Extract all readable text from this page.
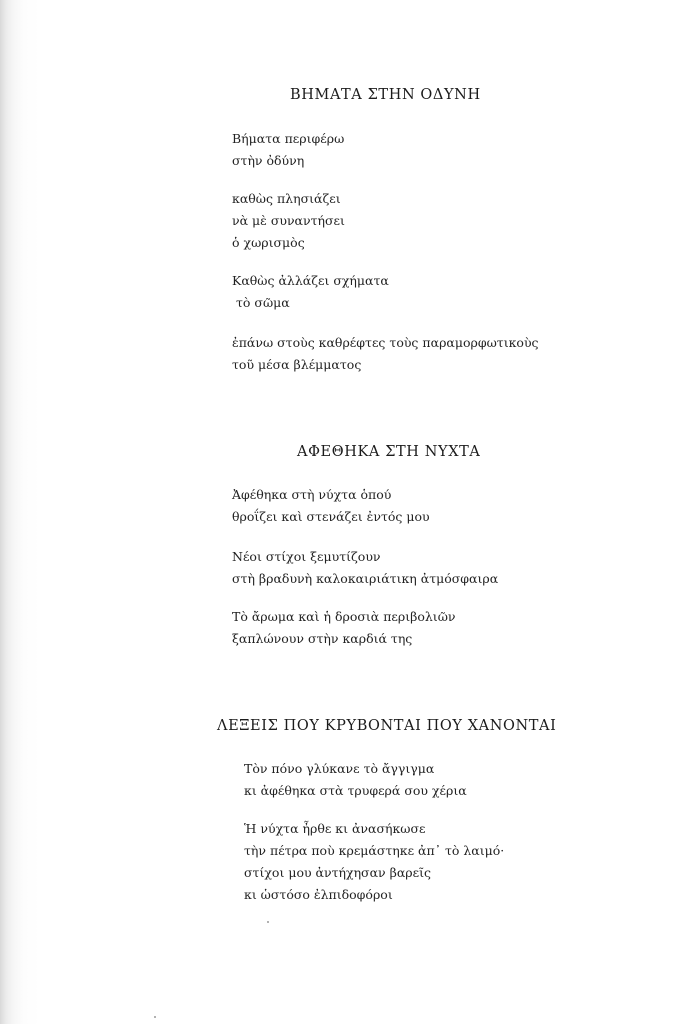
ΒΗΜΑΤΑ ΣΤΗΝ ΟΔΥΝΗ
Βήματα περιφέρω
στὴν ὀδύνη
καθὼς πλησιάζει
νὰ μὲ συναντήσει
ὁ χωρισμὸς
Καθὼς ἀλλάζει σχήματα
τὸ σῶμα
ἐπάνω στοὺς καθρέφτες τοὺς παραμορφωτικοὺς
τοῦ μέσα βλέμματος
ΑΦΕΘΗΚΑ ΣΤΗ ΝΥΧΤΑ
Ἀφέθηκα στὴ νύχτα ὁπού
θροΐζει καὶ στενάζει ἐντός μου
Νέοι στίχοι ξεμυτίζουν
στὴ βραδυνὴ καλοκαιριάτικη ἀτμόσφαιρα
Τὸ ἄρωμα καὶ ἡ δροσιὰ περιβολιῶν
ξαπλώνουν στὴν καρδιά της
ΛΕΞΕΙΣ ΠΟΥ ΚΡΥΒΟΝΤΑΙ ΠΟΥ ΧΑΝΟΝΤΑΙ
Τὸν πόνο γλύκανε τὸ ἄγγιγμα
κι ἀφέθηκα στὰ τρυφερά σου χέρια
Ἡ νύχτα ἦρθε κι ἀνασήκωσε
τὴν πέτρα ποὺ κρεμάστηκε ἀπ᾽ τὸ λαιμό·
στίχοι μου ἀντήχησαν βαρεῖς
κι ὡστόσο ἐλπιδοφόροι
